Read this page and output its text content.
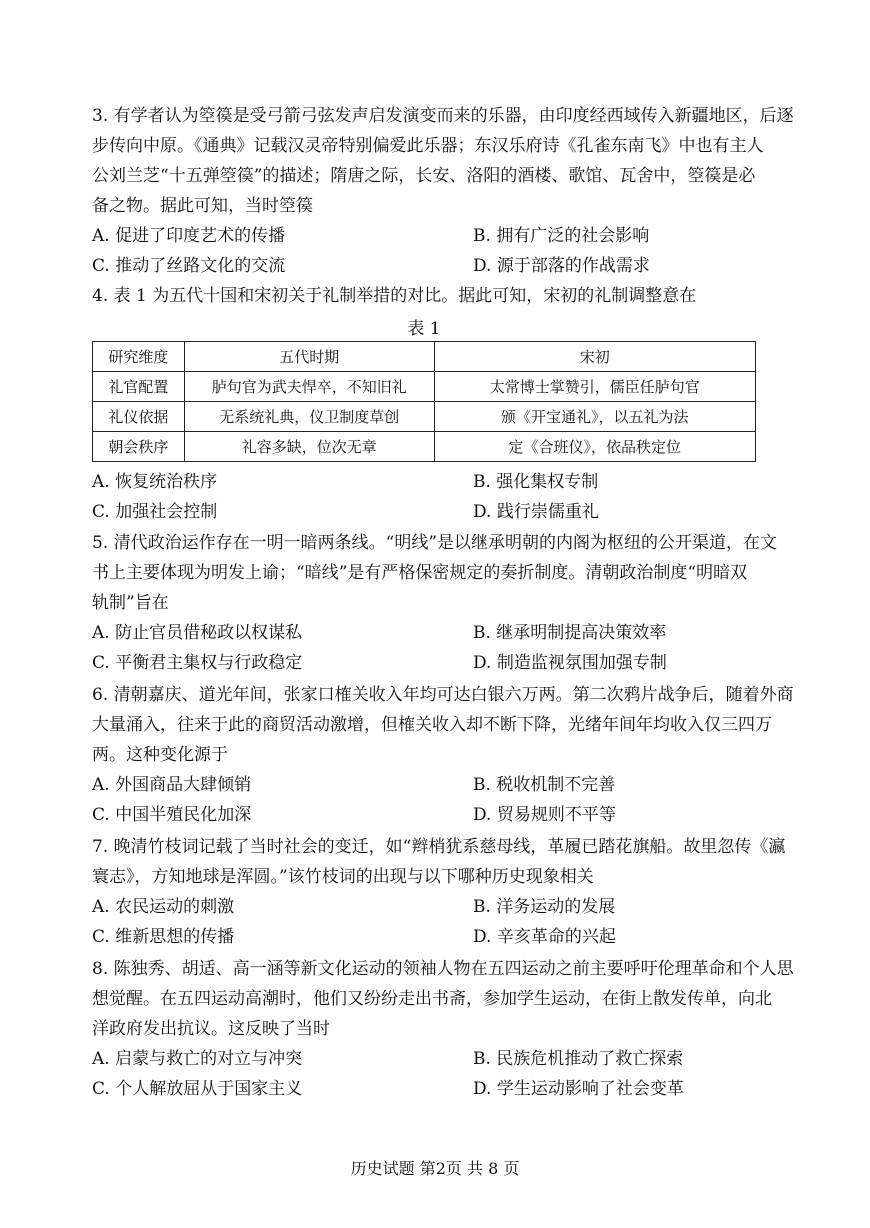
3. 有学者认为箜篌是受弓箭弓弦发声启发演变而来的乐器，由印度经西域传入新疆地区，后逐
步传向中原。《通典》记载汉灵帝特别偏爱此乐器；东汉乐府诗《孔雀东南飞》中也有主人
公刘兰芝“十五弹箜篌”的描述；隋唐之际，长安、洛阳的酒楼、歌馆、瓦舍中，箜篌是必
备之物。据此可知，当时箜篌
A. 促进了印度艺术的传播	B. 拥有广泛的社会影响
C. 推动了丝路文化的交流	D. 源于部落的作战需求
4. 表 1 为五代十国和宋初关于礼制举措的对比。据此可知，宋初的礼制调整意在
表 1
研究维度	五代时期	宋初
礼官配置	胪句官为武夫悍卒，不知旧礼	太常博士掌赞引，儒臣任胪句官
礼仪依据	无系统礼典，仪卫制度草创	颁《开宝通礼》，以五礼为法
朝会秩序	礼容多缺，位次无章	定《合班仪》，依品秩定位
A. 恢复统治秩序	B. 强化集权专制
C. 加强社会控制	D. 践行崇儒重礼
5. 清代政治运作存在一明一暗两条线。“明线”是以继承明朝的内阁为枢纽的公开渠道，在文
书上主要体现为明发上谕；“暗线”是有严格保密规定的奏折制度。清朝政治制度“明暗双
轨制”旨在
A. 防止官员借秘政以权谋私	B. 继承明制提高决策效率
C. 平衡君主集权与行政稳定	D. 制造监视氛围加强专制
6. 清朝嘉庆、道光年间，张家口榷关收入年均可达白银六万两。第二次鸦片战争后，随着外商
大量涌入，往来于此的商贸活动激增，但榷关收入却不断下降，光绪年间年均收入仅三四万
两。这种变化源于
A. 外国商品大肆倾销	B. 税收机制不完善
C. 中国半殖民化加深	D. 贸易规则不平等
7. 晚清竹枝词记载了当时社会的变迁，如“辫梢犹系慈母线，革履已踏花旗船。故里忽传《瀛
寰志》，方知地球是浑圆。”该竹枝词的出现与以下哪种历史现象相关
A. 农民运动的刺激	B. 洋务运动的发展
C. 维新思想的传播	D. 辛亥革命的兴起
8. 陈独秀、胡适、高一涵等新文化运动的领袖人物在五四运动之前主要呼吁伦理革命和个人思
想觉醒。在五四运动高潮时，他们又纷纷走出书斋，参加学生运动，在街上散发传单，向北
洋政府发出抗议。这反映了当时
A. 启蒙与救亡的对立与冲突	B. 民族危机推动了救亡探索
C. 个人解放屈从于国家主义	D. 学生运动影响了社会变革
历史试题 第2页 共 8 页
